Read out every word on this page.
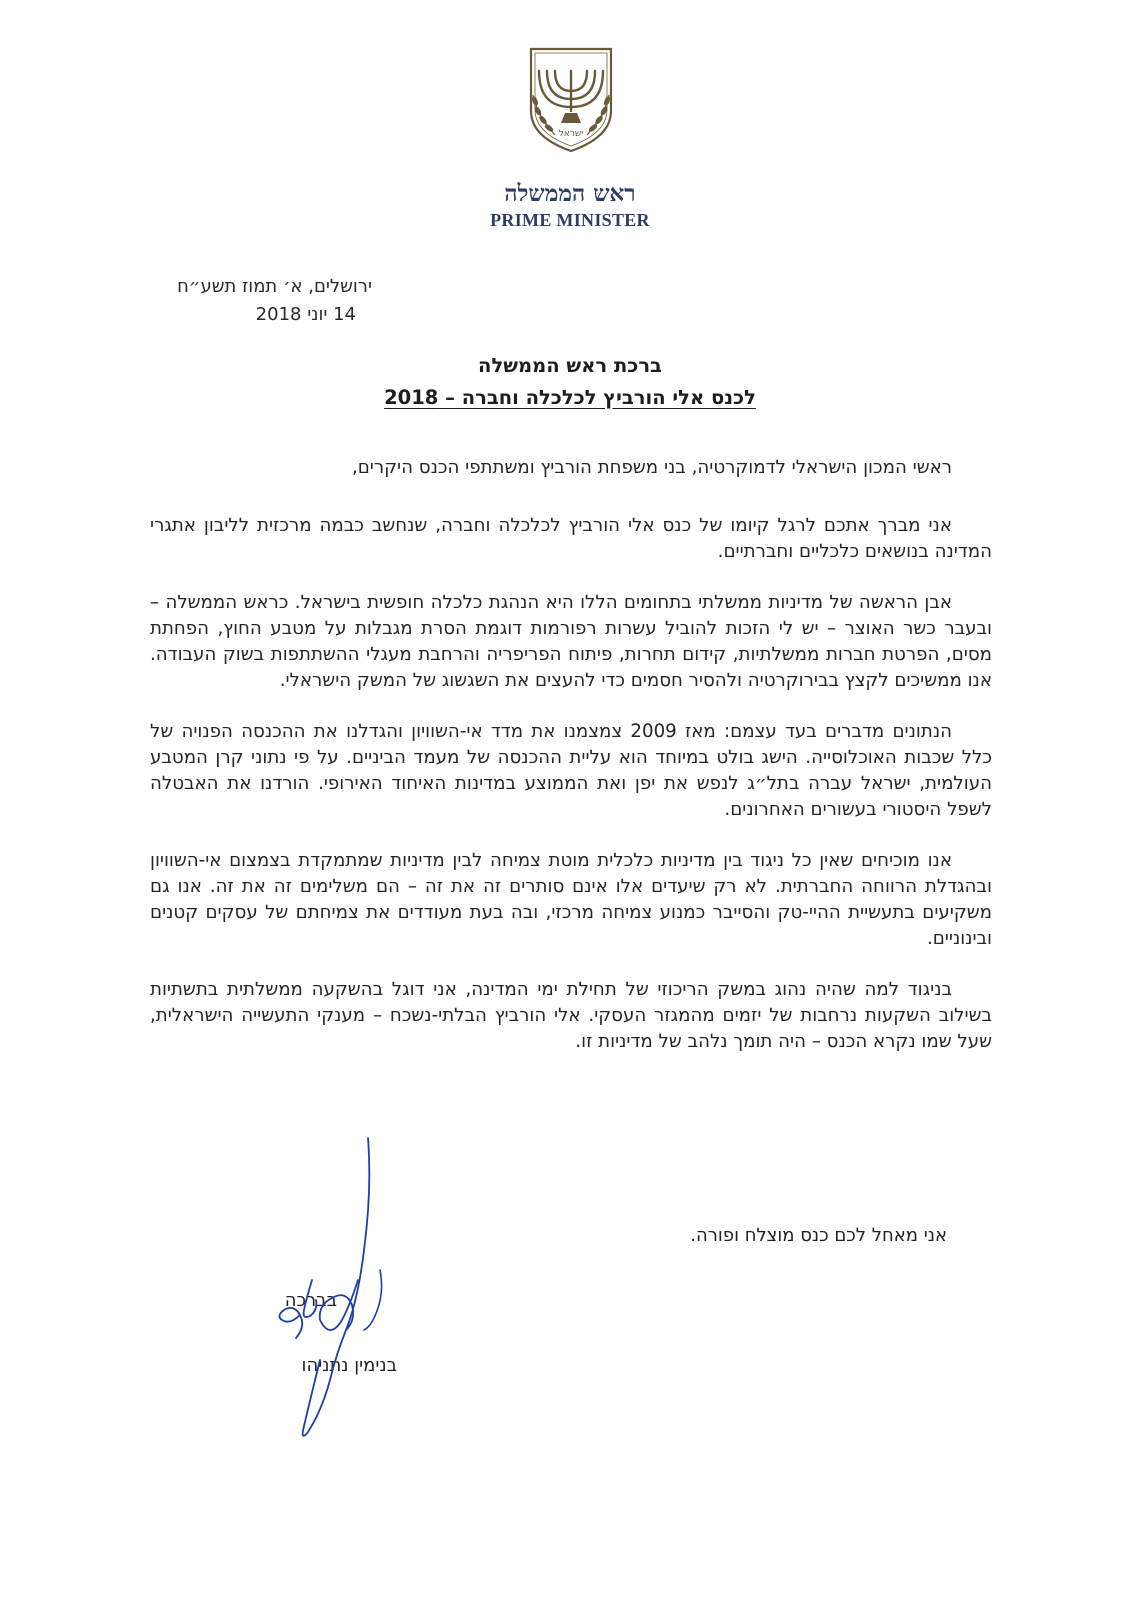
ישראל
ראש הממשלה
PRIME MINISTER
ירושלים, א׳ תמוז תשע״ח
14 יוני 2018
ברכת ראש הממשלה
לכנס אלי הורביץ לכלכלה וחברה – 2018

ראשי המכון הישראלי לדמוקרטיה, בני משפחת הורביץ ומשתתפי הכנס היקרים,

אני מברך אתכם לרגל קיומו של כנס אלי הורביץ לכלכלה וחברה, שנחשב כבמה מרכזית לליבון אתגרי המדינה בנושאים כלכליים וחברתיים.

אבן הראשה של מדיניות ממשלתי בתחומים הללו היא הנהגת כלכלה חופשית בישראל. כראש הממשלה – ובעבר כשר האוצר – יש לי הזכות להוביל עשרות רפורמות דוגמת הסרת מגבלות על מטבע החוץ, הפחתת מסים, הפרטת חברות ממשלתיות, קידום תחרות, פיתוח הפריפריה והרחבת מעגלי ההשתתפות בשוק העבודה. אנו ממשיכים לקצץ בבירוקרטיה ולהסיר חסמים כדי להעצים את השגשוג של המשק הישראלי.

הנתונים מדברים בעד עצמם: מאז 2009 צמצמנו את מדד אי-השוויון והגדלנו את ההכנסה הפנויה של כלל שכבות האוכלוסייה. הישג בולט במיוחד הוא עליית ההכנסה של מעמד הביניים. על פי נתוני קרן המטבע העולמית, ישראל עברה בתל״ג לנפש את יפן ואת הממוצע במדינות האיחוד האירופי. הורדנו את האבטלה לשפל היסטורי בעשורים האחרונים.

אנו מוכיחים שאין כל ניגוד בין מדיניות כלכלית מוטת צמיחה לבין מדיניות שמתמקדת בצמצום אי-השוויון ובהגדלת הרווחה החברתית. לא רק שיעדים אלו אינם סותרים זה את זה – הם משלימים זה את זה. אנו גם משקיעים בתעשיית ההיי-טק והסייבר כמנוע צמיחה מרכזי, ובה בעת מעודדים את צמיחתם של עסקים קטנים ובינוניים.

בניגוד למה שהיה נהוג במשק הריכוזי של תחילת ימי המדינה, אני דוגל בהשקעה ממשלתית בתשתיות בשילוב השקעות נרחבות של יזמים מהמגזר העסקי. אלי הורביץ הבלתי-נשכח – מענקי התעשייה הישראלית, שעל שמו נקרא הכנס – היה תומך נלהב של מדיניות זו.

אני מאחל לכם כנס מוצלח ופורה.
בברכה
בנימין נתניהו
